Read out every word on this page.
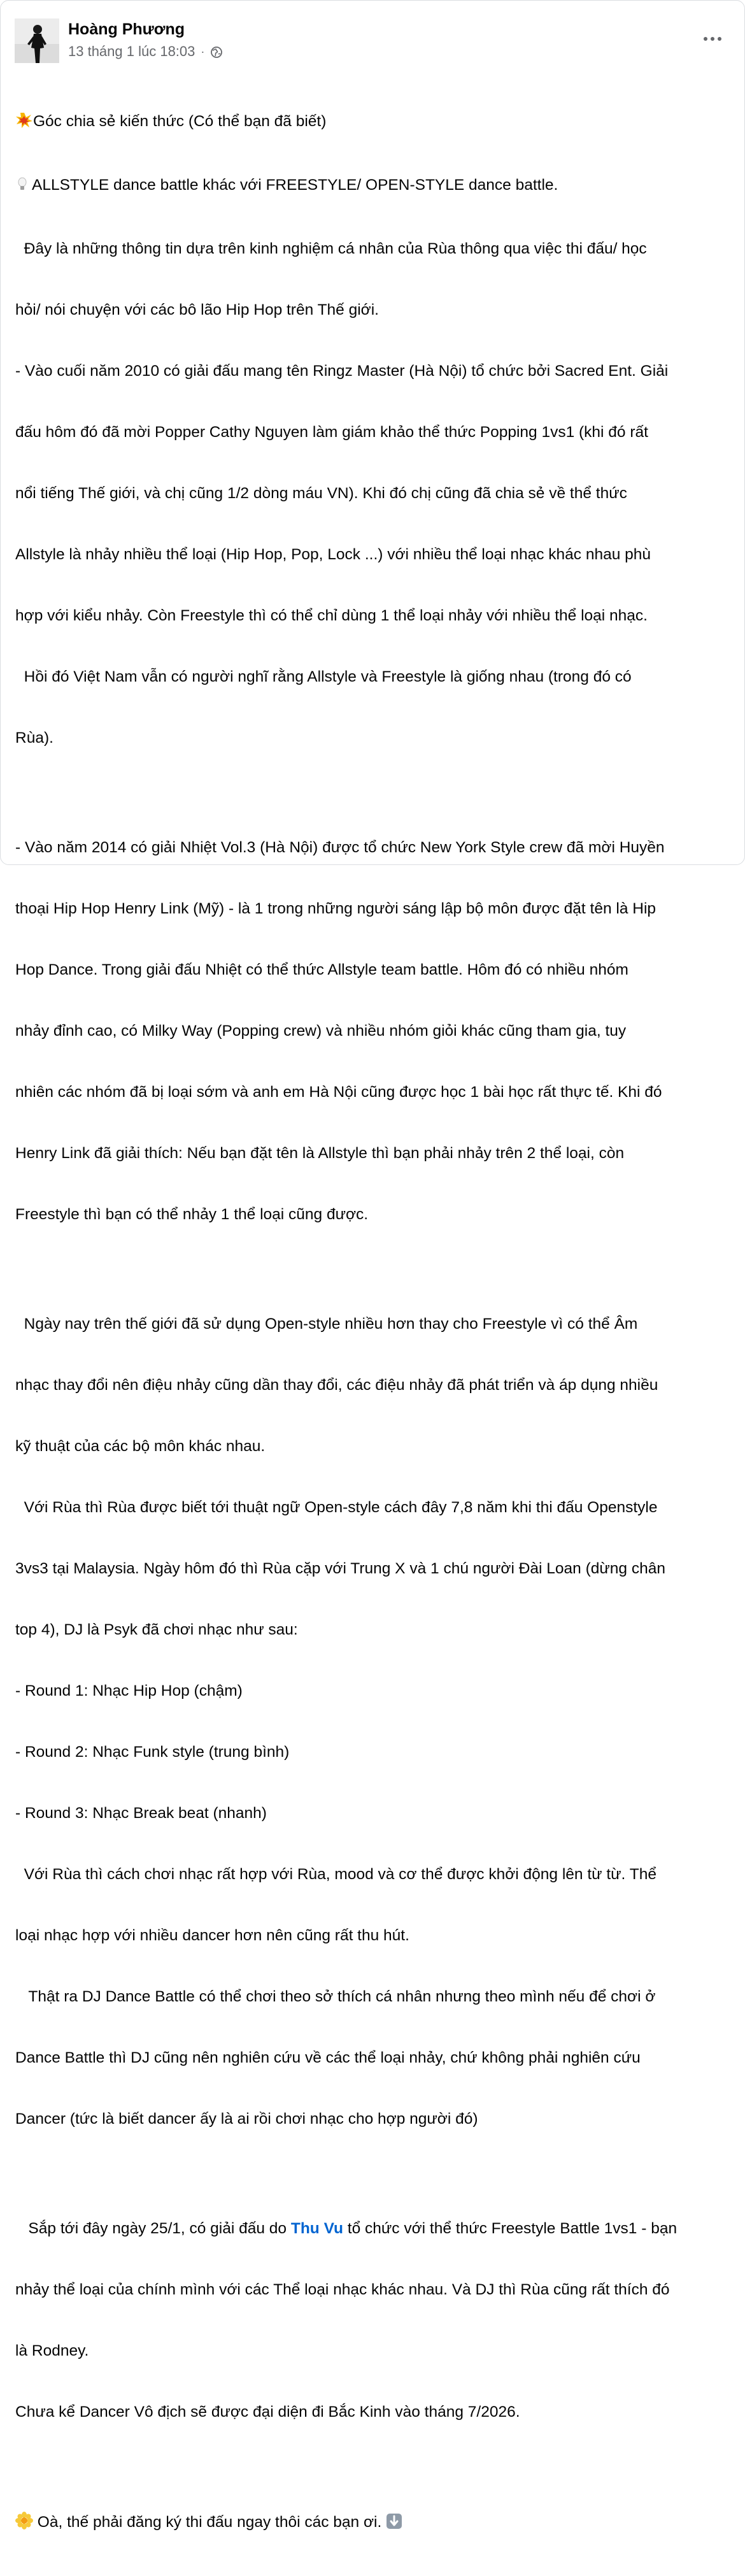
Hoàng Phương
13 tháng 1 lúc 18:03 ·

Góc chia sẻ kiến thức (Có thể bạn đã biết)

ALLSTYLE dance battle khác với FREESTYLE/ OPEN-STYLE dance battle.

Đây là những thông tin dựa trên kinh nghiệm cá nhân của Rùa thông qua việc thi đấu/ học

hỏi/ nói chuyện với các bô lão Hip Hop trên Thế giới.

- Vào cuối năm 2010 có giải đấu mang tên Ringz Master (Hà Nội) tổ chức bởi Sacred Ent. Giải

đấu hôm đó đã mời Popper Cathy Nguyen làm giám khảo thể thức Popping 1vs1 (khi đó rất

nổi tiếng Thế giới, và chị cũng 1/2 dòng máu VN). Khi đó chị cũng đã chia sẻ về thể thức

Allstyle là nhảy nhiều thể loại (Hip Hop, Pop, Lock ...) với nhiều thể loại nhạc khác nhau phù

hợp với kiểu nhảy. Còn Freestyle thì có thể chỉ dùng 1 thể loại nhảy với nhiều thể loại nhạc.

Hồi đó Việt Nam vẫn có người nghĩ rằng Allstyle và Freestyle là giống nhau (trong đó có

Rùa).

- Vào năm 2014 có giải Nhiệt Vol.3 (Hà Nội) được tổ chức New York Style crew đã mời Huyền

thoại Hip Hop Henry Link (Mỹ) - là 1 trong những người sáng lập bộ môn được đặt tên là Hip

Hop Dance. Trong giải đấu Nhiệt có thể thức Allstyle team battle. Hôm đó có nhiều nhóm

nhảy đỉnh cao, có Milky Way (Popping crew) và nhiều nhóm giỏi khác cũng tham gia, tuy

nhiên các nhóm đã bị loại sớm và anh em Hà Nội cũng được học 1 bài học rất thực tế. Khi đó

Henry Link đã giải thích: Nếu bạn đặt tên là Allstyle thì bạn phải nhảy trên 2 thể loại, còn

Freestyle thì bạn có thể nhảy 1 thể loại cũng được.

Ngày nay trên thế giới đã sử dụng Open-style nhiều hơn thay cho Freestyle vì có thể Âm

nhạc thay đổi nên điệu nhảy cũng dần thay đổi, các điệu nhảy đã phát triển và áp dụng nhiều

kỹ thuật của các bộ môn khác nhau.

Với Rùa thì Rùa được biết tới thuật ngữ Open-style cách đây 7,8 năm khi thi đấu Openstyle

3vs3 tại Malaysia. Ngày hôm đó thì Rùa cặp với Trung X và 1 chú người Đài Loan (dừng chân

top 4), DJ là Psyk đã chơi nhạc như sau:

- Round 1: Nhạc Hip Hop (chậm)

- Round 2: Nhạc Funk style (trung bình)

- Round 3: Nhạc Break beat (nhanh)

Với Rùa thì cách chơi nhạc rất hợp với Rùa, mood và cơ thể được khởi động lên từ từ. Thể

loại nhạc hợp với nhiều dancer hơn nên cũng rất thu hút.

Thật ra DJ Dance Battle có thể chơi theo sở thích cá nhân nhưng theo mình nếu để chơi ở

Dance Battle thì DJ cũng nên nghiên cứu về các thể loại nhảy, chứ không phải nghiên cứu

Dancer (tức là biết dancer ấy là ai rồi chơi nhạc cho hợp người đó)

Sắp tới đây ngày 25/1, có giải đấu do Thu Vu tổ chức với thể thức Freestyle Battle 1vs1 - bạn

nhảy thể loại của chính mình với các Thể loại nhạc khác nhau. Và DJ thì Rùa cũng rất thích đó

là Rodney.

Chưa kể Dancer Vô địch sẽ được đại diện đi Bắc Kinh vào tháng 7/2026.

Oà, thế phải đăng ký thi đấu ngay thôi các bạn ơi.
